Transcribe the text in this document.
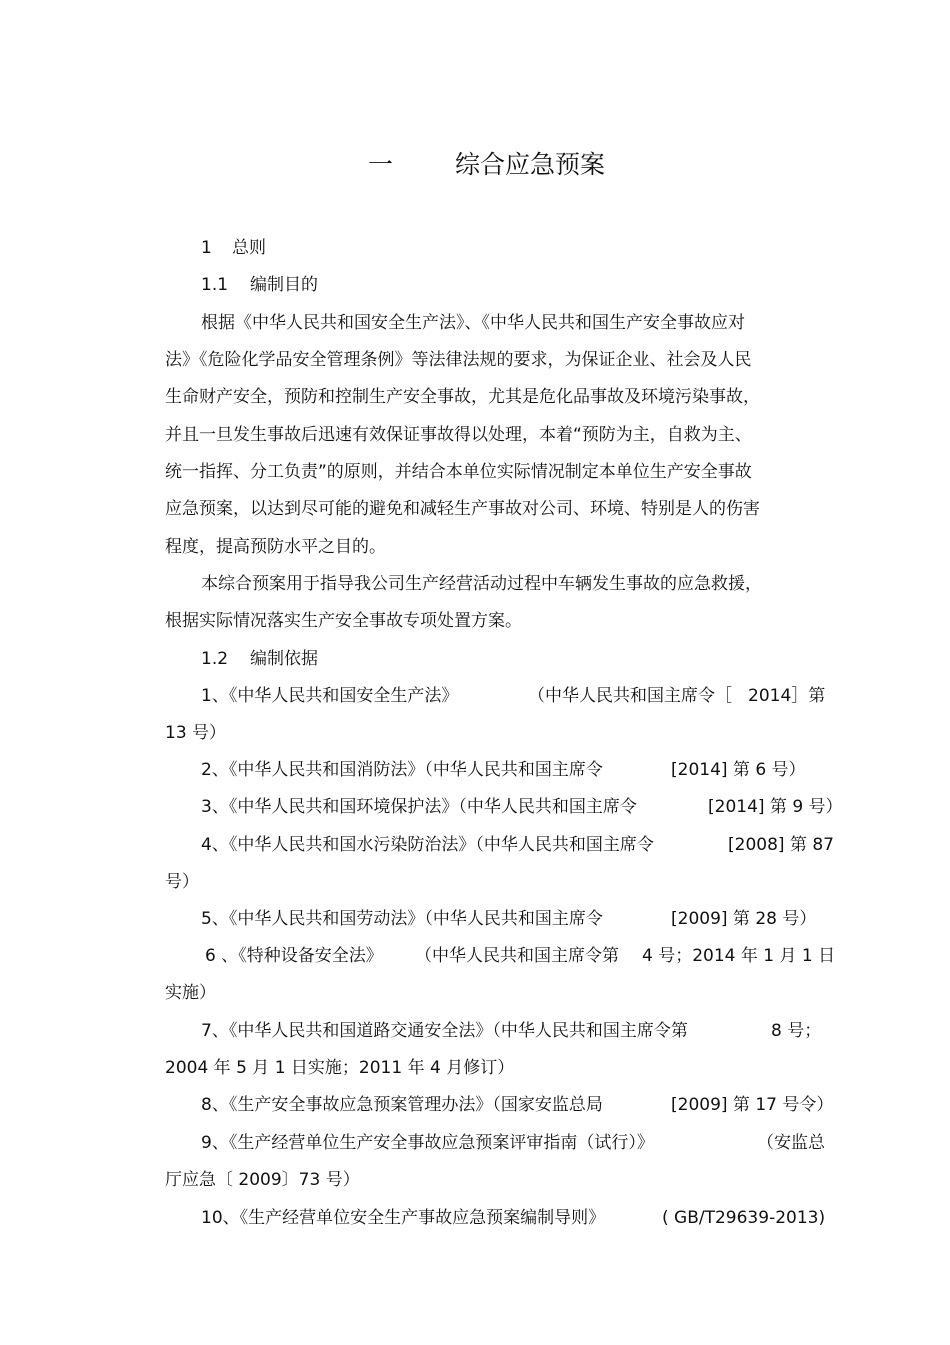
一 综合应急预案
1 总则
1.1 编制目的
根据《中华人民共和国安全生产法》、《中华人民共和国生产安全事故应对
法》《危险化学品安全管理条例》等法律法规的要求，为保证企业、社会及人民
生命财产安全，预防和控制生产安全事故，尤其是危化品事故及环境污染事故，
并且一旦发生事故后迅速有效保证事故得以处理，本着“预防为主，自救为主、
统一指挥、分工负责”的原则，并结合本单位实际情况制定本单位生产安全事故
应急预案，以达到尽可能的避免和减轻生产事故对公司、环境、特别是人的伤害
程度，提高预防水平之目的。
本综合预案用于指导我公司生产经营活动过程中车辆发生事故的应急救援，
根据实际情况落实生产安全事故专项处置方案。
1.2 编制依据
1、《中华人民共和国安全生产法》	（中华人民共和国主席令［ 2014］第
13 号）
2、《中华人民共和国消防法》（中华人民共和国主席令	[2014] 第 6 号）
3、《中华人民共和国环境保护法》（中华人民共和国主席令	[2014] 第 9 号）
4、《中华人民共和国水污染防治法》（中华人民共和国主席令	[2008] 第 87
号）
5、《中华人民共和国劳动法》（中华人民共和国主席令	[2009] 第 28 号）
6 、《特种设备安全法》 （中华人民共和国主席令第 4 号；2014 年 1 月 1 日
实施）
7、《中华人民共和国道路交通安全法》（中华人民共和国主席令第	8 号；
2004 年 5 月 1 日实施；2011 年 4 月修订）
8、《生产安全事故应急预案管理办法》（国家安监总局	[2009] 第 17 号令）
9、《生产经营单位生产安全事故应急预案评审指南（试行）》	（安监总
厅应急〔 2009〕73 号）
10、《生产经营单位安全生产事故应急预案编制导则》	( GB/T29639-2013)
